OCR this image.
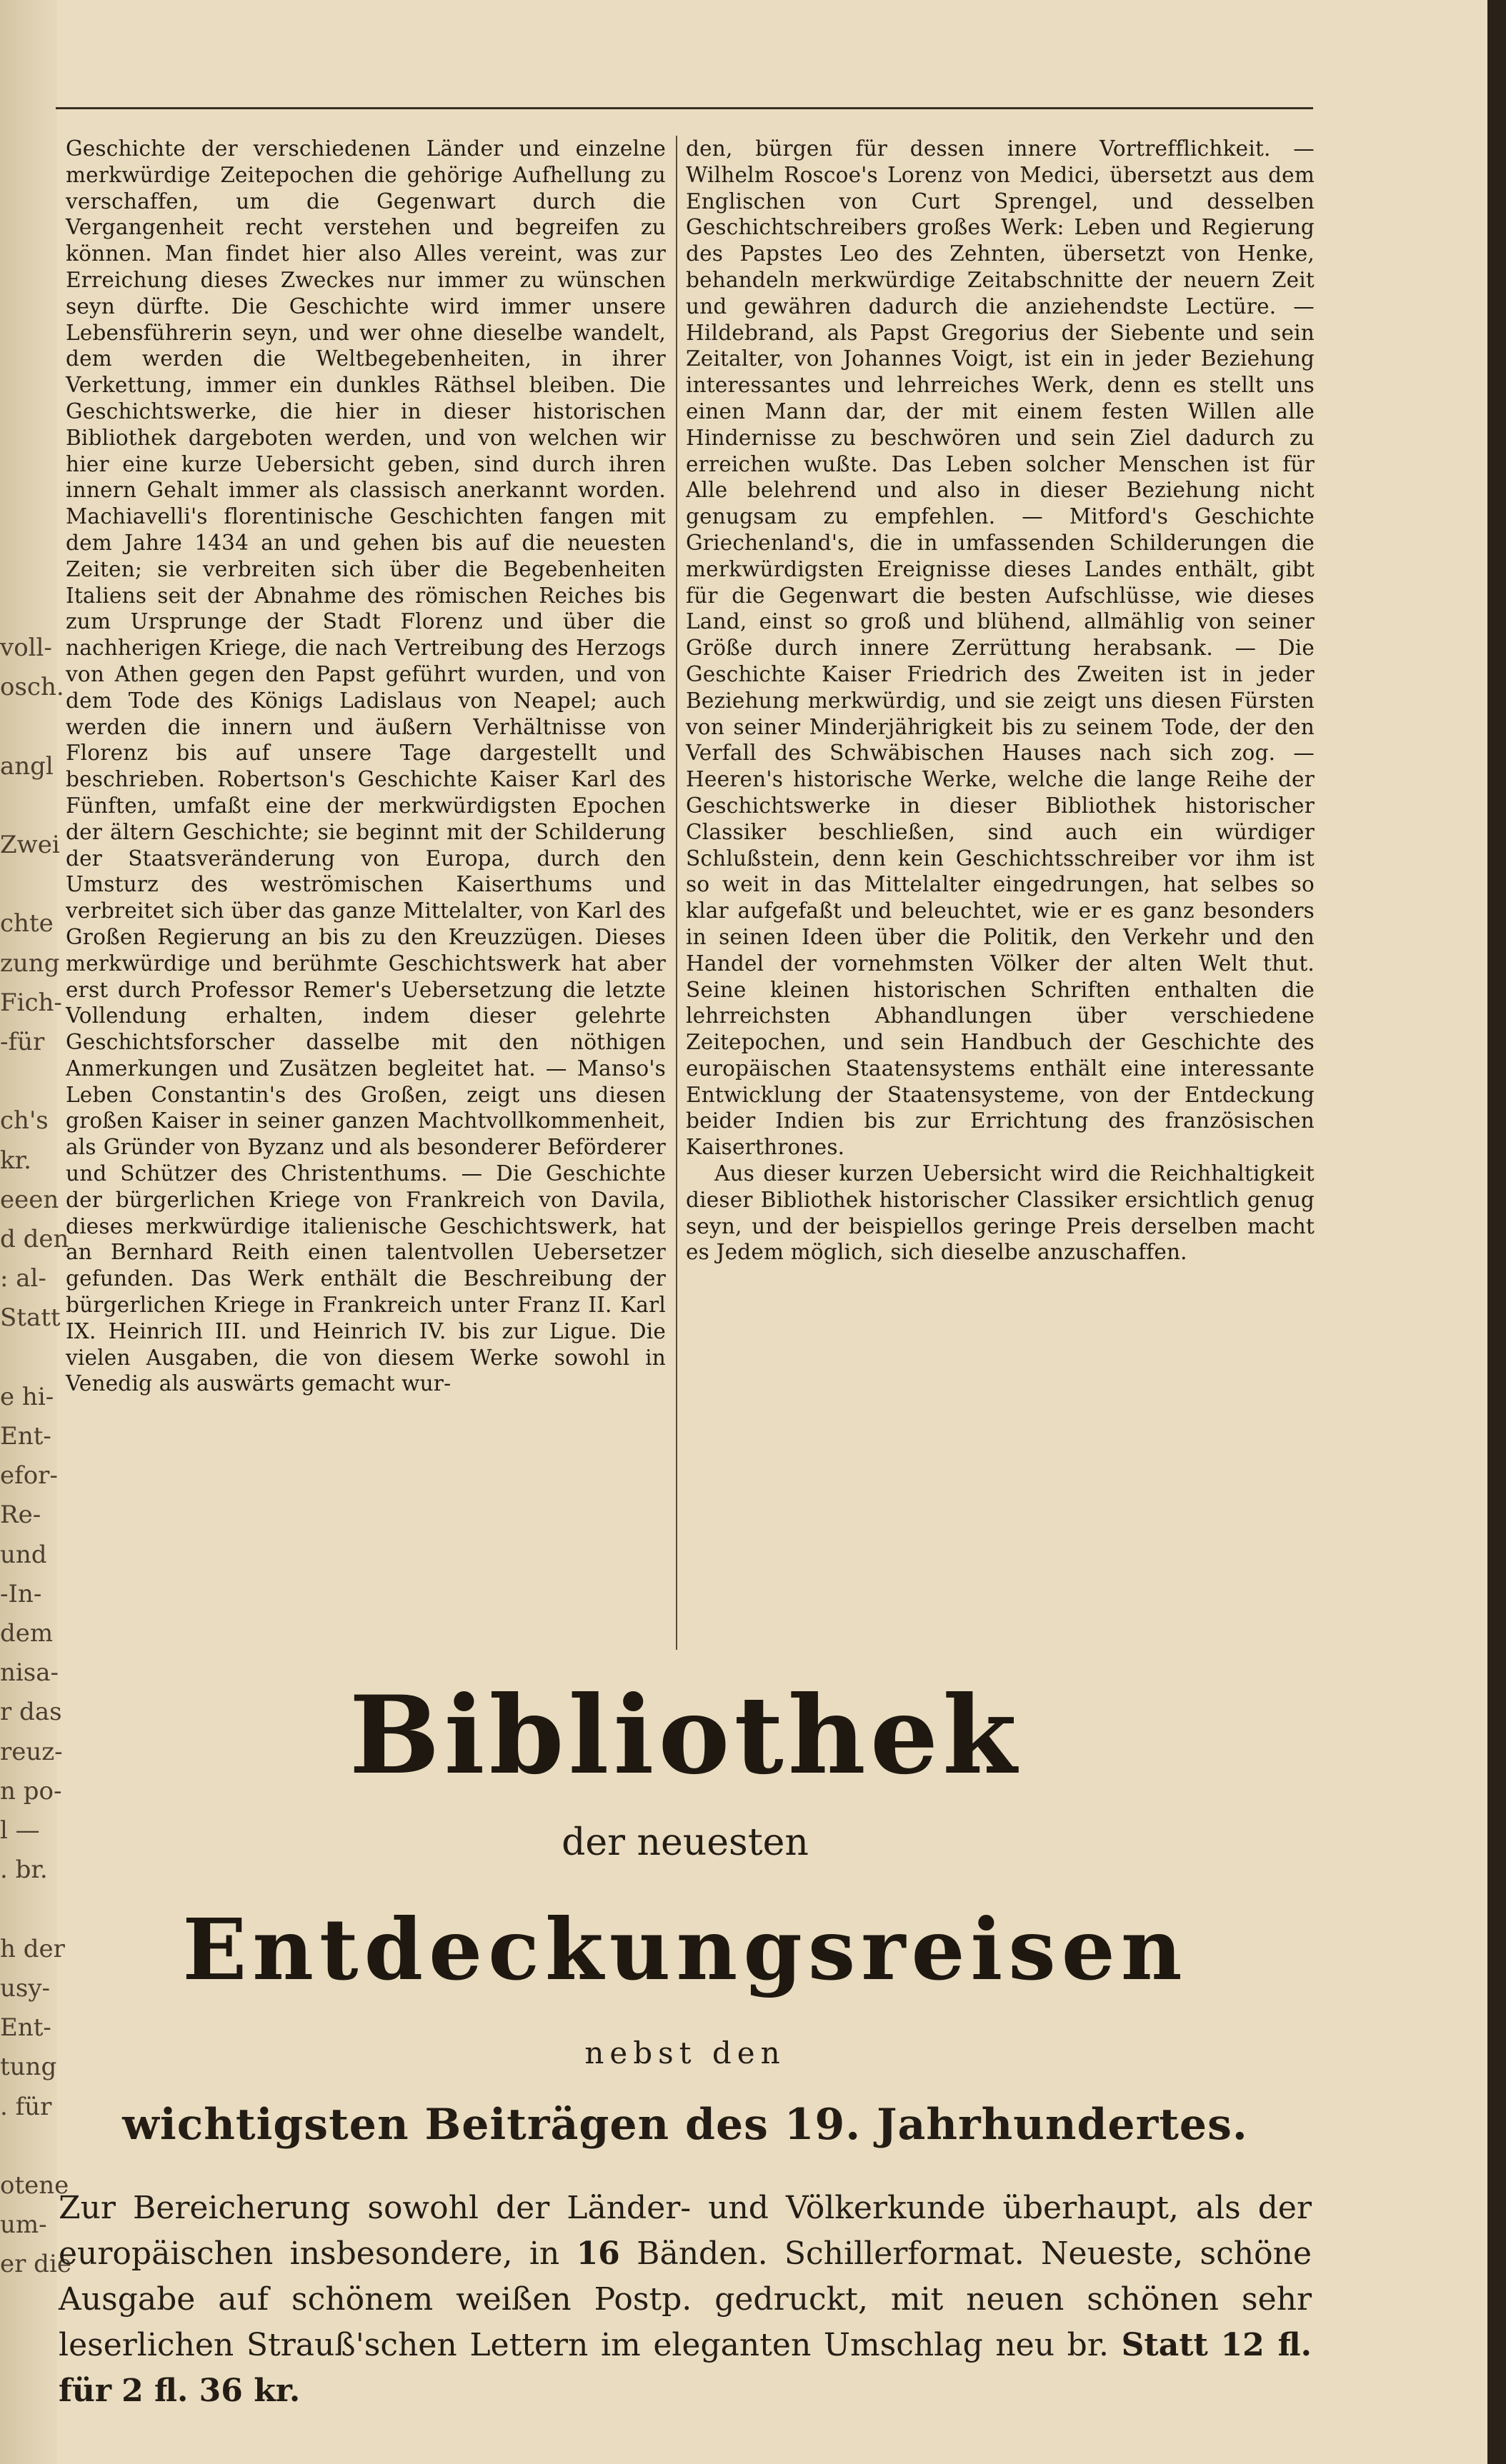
voll-
osch.

angl

Zwei

chte
zung
Fich-
-für

ch's
kr.
eeen
d den
: al-
Statt

e hi-
Ent-
efor-
Re-
und
-In-
dem
nisa-
r das
reuz-
n po-
l —
. br.

h der
usy-
Ent-
tung
. für

otene
um-
er die

Geschichte der verschiedenen Länder und einzelne merkwürdige Zeitepochen die gehörige Aufhellung zu verschaffen, um die Gegenwart durch die Vergangenheit recht verstehen und begreifen zu können. Man findet hier also Alles vereint, was zur Erreichung dieses Zweckes nur immer zu wünschen seyn dürfte. Die Geschichte wird immer unsere Lebensführerin seyn, und wer ohne dieselbe wandelt, dem werden die Weltbegebenheiten, in ihrer Verkettung, immer ein dunkles Räthsel bleiben. Die Geschichtswerke, die hier in dieser historischen Bibliothek dargeboten werden, und von welchen wir hier eine kurze Uebersicht geben, sind durch ihren innern Gehalt immer als classisch anerkannt worden. Machiavelli's florentinische Geschichten fangen mit dem Jahre 1434 an und gehen bis auf die neuesten Zeiten; sie verbreiten sich über die Begebenheiten Italiens seit der Abnahme des römischen Reiches bis zum Ursprunge der Stadt Florenz und über die nachherigen Kriege, die nach Vertreibung des Herzogs von Athen gegen den Papst geführt wurden, und von dem Tode des Königs Ladislaus von Neapel; auch werden die innern und äußern Verhältnisse von Florenz bis auf unsere Tage dargestellt und beschrieben. Robertson's Geschichte Kaiser Karl des Fünften, umfaßt eine der merkwürdigsten Epochen der ältern Geschichte; sie beginnt mit der Schilderung der Staatsveränderung von Europa, durch den Umsturz des weströmischen Kaiserthums und verbreitet sich über das ganze Mittelalter, von Karl des Großen Regierung an bis zu den Kreuzzügen. Dieses merkwürdige und berühmte Geschichtswerk hat aber erst durch Professor Remer's Uebersetzung die letzte Vollendung erhalten, indem dieser gelehrte Geschichtsforscher dasselbe mit den nöthigen Anmerkungen und Zusätzen begleitet hat. — Manso's Leben Constantin's des Großen, zeigt uns diesen großen Kaiser in seiner ganzen Machtvollkommenheit, als Gründer von Byzanz und als besonderer Beförderer und Schützer des Christenthums. — Die Geschichte der bürgerlichen Kriege von Frankreich von Davila, dieses merkwürdige italienische Geschichtswerk, hat an Bernhard Reith einen talentvollen Uebersetzer gefunden. Das Werk enthält die Beschreibung der bürgerlichen Kriege in Frankreich unter Franz II. Karl IX. Heinrich III. und Heinrich IV. bis zur Ligue. Die vielen Ausgaben, die von diesem Werke sowohl in Venedig als auswärts gemacht wur-

den, bürgen für dessen innere Vortrefflichkeit. — Wilhelm Roscoe's Lorenz von Medici, übersetzt aus dem Englischen von Curt Sprengel, und desselben Geschichtschreibers großes Werk: Leben und Regierung des Papstes Leo des Zehnten, übersetzt von Henke, behandeln merkwürdige Zeitabschnitte der neuern Zeit und gewähren dadurch die anziehendste Lectüre. — Hildebrand, als Papst Gregorius der Siebente und sein Zeitalter, von Johannes Voigt, ist ein in jeder Beziehung interessantes und lehrreiches Werk, denn es stellt uns einen Mann dar, der mit einem festen Willen alle Hindernisse zu beschwören und sein Ziel dadurch zu erreichen wußte. Das Leben solcher Menschen ist für Alle belehrend und also in dieser Beziehung nicht genugsam zu empfehlen. — Mitford's Geschichte Griechenland's, die in umfassenden Schilderungen die merkwürdigsten Ereignisse dieses Landes enthält, gibt für die Gegenwart die besten Aufschlüsse, wie dieses Land, einst so groß und blühend, allmählig von seiner Größe durch innere Zerrüttung herabsank. — Die Geschichte Kaiser Friedrich des Zweiten ist in jeder Beziehung merkwürdig, und sie zeigt uns diesen Fürsten von seiner Minderjährigkeit bis zu seinem Tode, der den Verfall des Schwäbischen Hauses nach sich zog. — Heeren's historische Werke, welche die lange Reihe der Geschichtswerke in dieser Bibliothek historischer Classiker beschließen, sind auch ein würdiger Schlußstein, denn kein Geschichtsschreiber vor ihm ist so weit in das Mittelalter eingedrungen, hat selbes so klar aufgefaßt und beleuchtet, wie er es ganz besonders in seinen Ideen über die Politik, den Verkehr und den Handel der vornehmsten Völker der alten Welt thut. Seine kleinen historischen Schriften enthalten die lehrreichsten Abhandlungen über verschiedene Zeitepochen, und sein Handbuch der Geschichte des europäischen Staatensystems enthält eine interessante Entwicklung der Staatensysteme, von der Entdeckung beider Indien bis zur Errichtung des französischen Kaiserthrones.

Aus dieser kurzen Uebersicht wird die Reichhaltigkeit dieser Bibliothek historischer Classiker ersichtlich genug seyn, und der beispiellos geringe Preis derselben macht es Jedem möglich, sich dieselbe anzuschaffen.

Bibliothek
der neuesten
Entdeckungsreisen
nebst den
wichtigsten Beiträgen des 19. Jahrhundertes.

Zur Bereicherung sowohl der Länder- und Völkerkunde überhaupt, als der europäischen insbesondere, in 16 Bänden. Schillerformat. Neueste, schöne Ausgabe auf schönem weißen Postp. gedruckt, mit neuen schönen sehr leserlichen Strauß'schen Lettern im eleganten Umschlag neu br. Statt 12 fl. für 2 fl. 36 kr.
